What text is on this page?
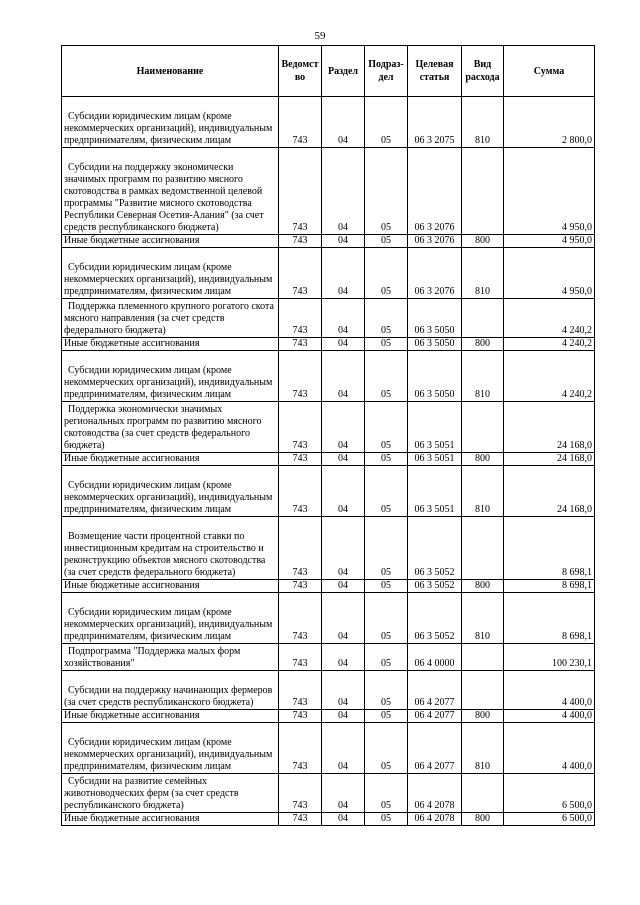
59
Наименование	Ведомст во	Раздел	Подраз- дел	Целевая статья	Вид расхода	Сумма
Субсидии юридическим лицам (кроме некоммерческих организаций), индивидуальным предпринимателям, физическим лицам	743	04	05	06 3 2075	810	2 800,0
Субсидии на поддержку экономически значимых программ по развитию мясного скотоводства в рамках ведомственной целевой программы "Развитие мясного скотоводства Республики Северная Осетия-Алания" (за счет средств республиканского бюджета)	743	04	05	06 3 2076		4 950,0
Иные бюджетные ассигнования	743	04	05	06 3 2076	800	4 950,0
Субсидии юридическим лицам (кроме некоммерческих организаций), индивидуальным предпринимателям, физическим лицам	743	04	05	06 3 2076	810	4 950,0
Поддержка племенного крупного рогатого скота мясного направления (за счет средств федерального бюджета)	743	04	05	06 3 5050		4 240,2
Иные бюджетные ассигнования	743	04	05	06 3 5050	800	4 240,2
Субсидии юридическим лицам (кроме некоммерческих организаций), индивидуальным предпринимателям, физическим лицам	743	04	05	06 3 5050	810	4 240,2
Поддержка экономически значимых региональных программ по развитию мясного скотоводства (за счет средств федерального бюджета)	743	04	05	06 3 5051		24 168,0
Иные бюджетные ассигнования	743	04	05	06 3 5051	800	24 168,0
Субсидии юридическим лицам (кроме некоммерческих организаций), индивидуальным предпринимателям, физическим лицам	743	04	05	06 3 5051	810	24 168,0
Возмещение части процентной ставки по инвестиционным кредитам на строительство и реконструкцию объектов мясного скотоводства (за счет средств федерального бюджета)	743	04	05	06 3 5052		8 698,1
Иные бюджетные ассигнования	743	04	05	06 3 5052	800	8 698,1
Субсидии юридическим лицам (кроме некоммерческих организаций), индивидуальным предпринимателям, физическим лицам	743	04	05	06 3 5052	810	8 698,1
Подпрограмма "Поддержка малых форм хозяйствования"	743	04	05	06 4 0000		100 230,1
Субсидии на поддержку начинающих фермеров (за счет средств республиканского бюджета)	743	04	05	06 4 2077		4 400,0
Иные бюджетные ассигнования	743	04	05	06 4 2077	800	4 400,0
Субсидии юридическим лицам (кроме некоммерческих организаций), индивидуальным предпринимателям, физическим лицам	743	04	05	06 4 2077	810	4 400,0
Субсидии на развитие семейных животноводческих ферм (за счет средств республиканского бюджета)	743	04	05	06 4 2078		6 500,0
Иные бюджетные ассигнования	743	04	05	06 4 2078	800	6 500,0
